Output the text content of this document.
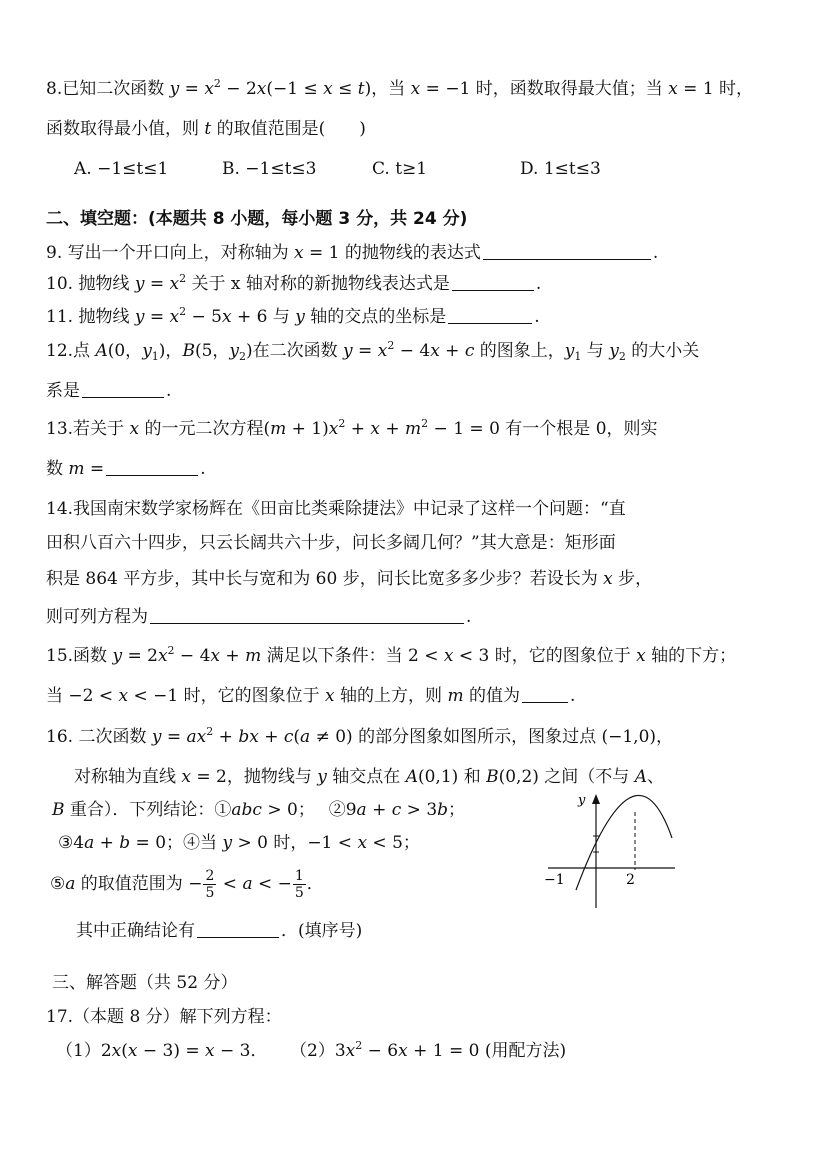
8.已知二次函数 $y = x^2 - 2x(-1 \le x \le t)$，当 x = −1 时，函数取得最大值；当 x = 1 时，
函数取得最小值，则 t 的取值范围是(　　)
A. −1≤t≤1	B. −1≤t≤3	C. t≥1	D. 1≤t≤3
二、填空题：(本题共 8 小题，每小题 3 分，共 24 分)
9. 写出一个开口向上，对称轴为 x = 1 的抛物线的表达式	.
10. 抛物线 $y = x^2$ 关于 x 轴对称的新抛物线表达式是	.
11. 抛物线 $y = x^2 - 5x + 6$ 与 y 轴的交点的坐标是	.
12.点 A(0，$y_1$)，B(5，$y_2$)在二次函数 $y = x^2 - 4x + c$ 的图象上，$y_1$ 与 $y_2$ 的大小关
系是	.
13.若关于 x 的一元二次方程$(m + 1)x^2 + x + m^2 - 1 = 0$ 有一个根是 0，则实
数 m =	.
14.我国南宋数学家杨辉在《田亩比类乘除捷法》中记录了这样一个问题：“直
田积八百六十四步，只云长阔共六十步，问长多阔几何？”其大意是：矩形面
积是 864 平方步，其中长与宽和为 60 步，问长比宽多多少步？若设长为 x 步，
则可列方程为	.
15.函数 $y = 2x^2 - 4x + m$ 满足以下条件：当 2 < x < 3 时，它的图象位于 x 轴的下方；
当 −2 < x < −1 时，它的图象位于 x 轴的上方，则 m 的值为	.
16. 二次函数 $y = ax^2$ + bx + c(a ≠ 0) 的部分图象如图所示，图象过点 (−1,0)，
对称轴为直线 x = 2，抛物线与 y 轴交点在 A(0,1) 和 B(0,2) 之间（不与 A、
B 重合）．下列结论：①abc > 0；　 ②9a + c > 3b；
③4a + b = 0；④当 y > 0 时，−1 < x < 5；
⑤a 的取值范围为 − $\frac{2}{5} < a$ < − $\frac{1}{5}$ ．
其中正确结论有	．(填序号)
y
−1	2
三、解答题（共 52 分）
17.（本题 8 分）解下列方程：
（1）2x(x − 3) = x − 3． $(2)3x^2 - 6x + 1 = 0$ (用配方法)
